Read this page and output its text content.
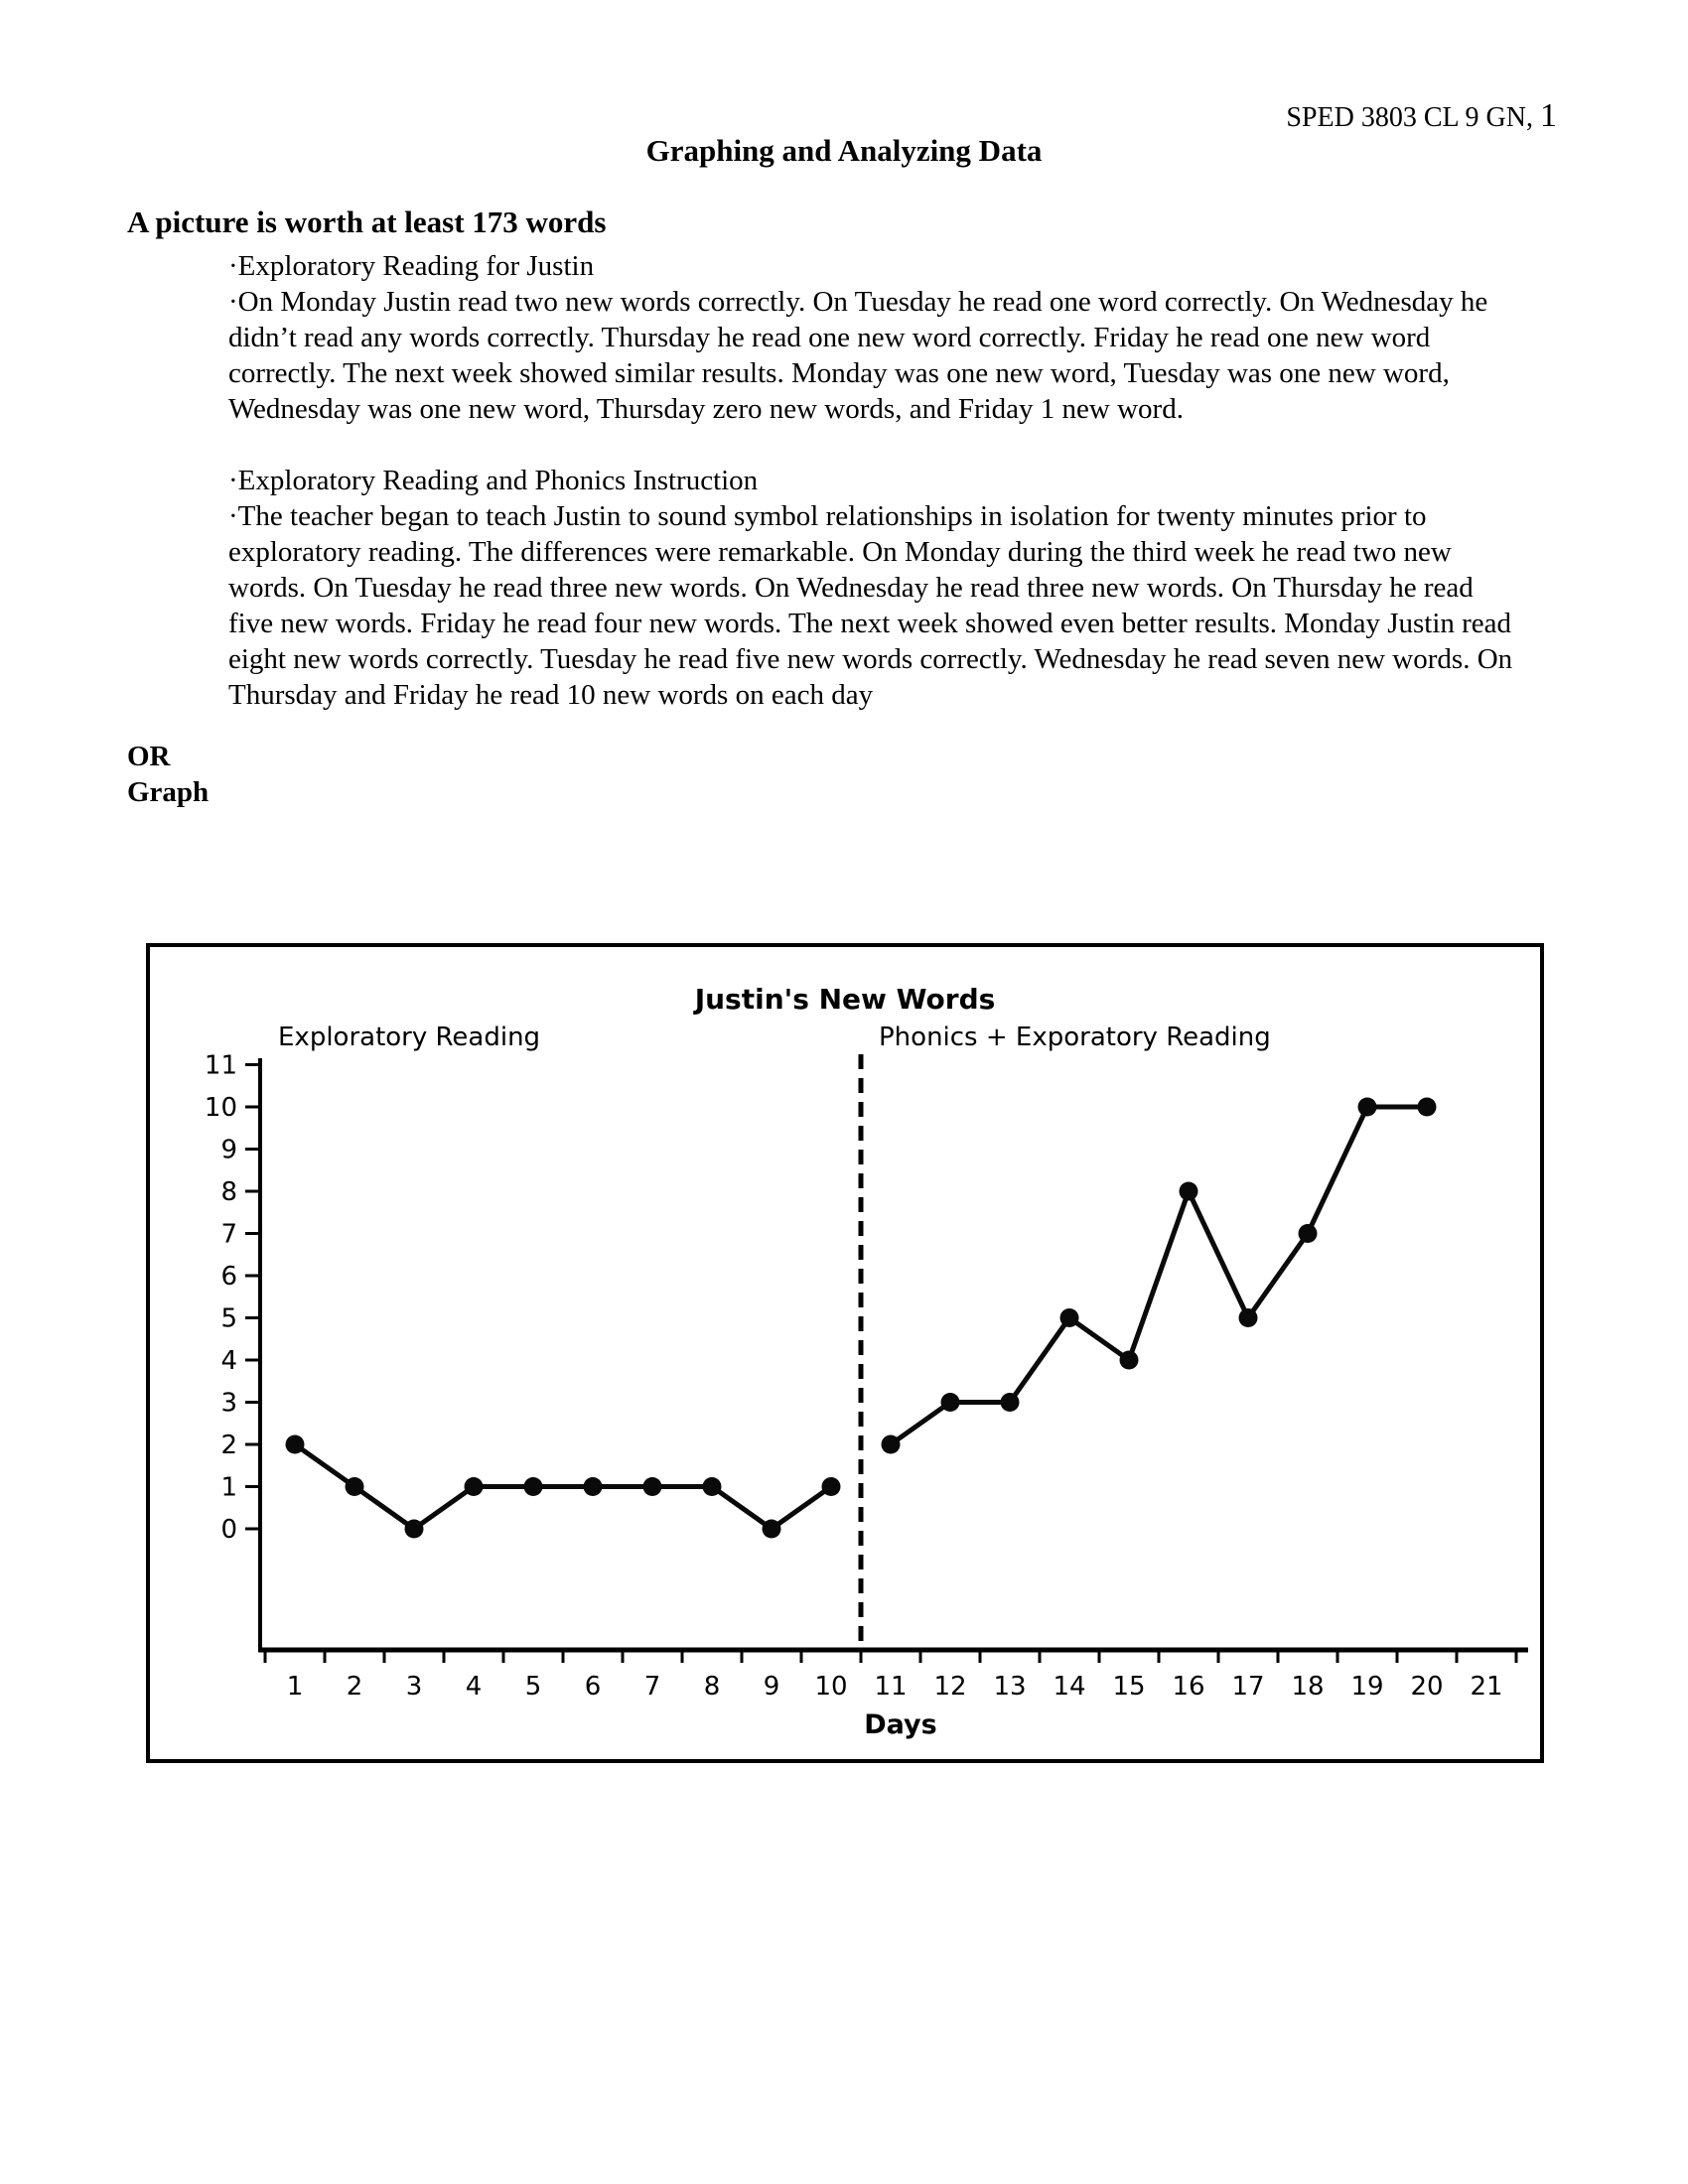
SPED 3803 CL 9 GN, 1
Graphing and Analyzing Data
A picture is worth at least 173 words

·Exploratory Reading for Justin

·On Monday Justin read two new words correctly. On Tuesday he read one word correctly. On Wednesday he didn’t read any words correctly. Thursday he read one new word correctly. Friday he read one new word correctly. The next week showed similar results. Monday was one new word, Tuesday was one new word, Wednesday was one new word, Thursday zero new words, and Friday 1 new word.

·Exploratory Reading and Phonics Instruction

·The teacher began to teach Justin to sound symbol relationships in isolation for twenty minutes prior to exploratory reading. The differences were remarkable. On Monday during the third week he read two new words. On Tuesday he read three new words. On Wednesday he read three new words. On Thursday he read five new words. Friday he read four new words. The next week showed even better results. Monday Justin read eight new words correctly. Tuesday he read five new words correctly. Wednesday he read seven new words. On Thursday and Friday he read 10 new words on each day

OR

Graph

Justin's New Words
Exploratory Reading	Phonics + Exporatory Reading
0
1
2
3
4
5
6
7
8
9
10
11
1 2 3 4 5 6 7 8 9 10 11 12 13 14 15 16 17 18 19 20 21
Days
